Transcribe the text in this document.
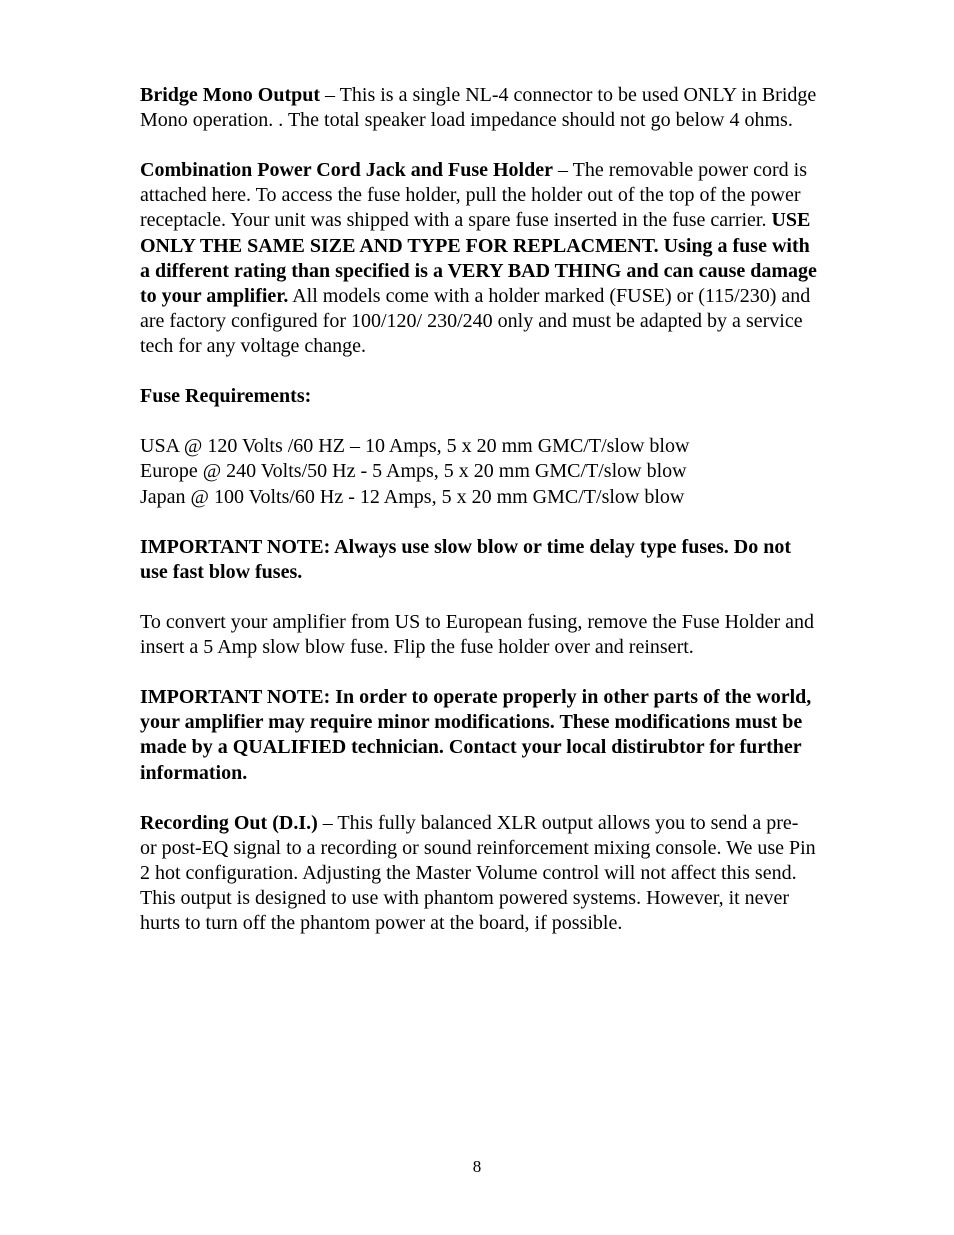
Bridge Mono Output – This is a single NL-4 connector to be used ONLY in Bridge Mono operation. . The total speaker load impedance should not go below 4 ohms.

Combination Power Cord Jack and Fuse Holder – The removable power cord is attached here. To access the fuse holder, pull the holder out of the top of the power receptacle. Your unit was shipped with a spare fuse inserted in the fuse carrier. USE ONLY THE SAME SIZE AND TYPE FOR REPLACMENT. Using a fuse with a different rating than specified is a VERY BAD THING and can cause damage to your amplifier. All models come with a holder marked (FUSE) or (115/230) and are factory configured for 100/120/ 230/240 only and must be adapted by a service tech for any voltage change.

Fuse Requirements:

USA @ 120 Volts /60 HZ – 10 Amps, 5 x 20 mm GMC/T/slow blow
Europe @ 240 Volts/50 Hz - 5 Amps, 5 x 20 mm GMC/T/slow blow
Japan @ 100 Volts/60 Hz - 12 Amps, 5 x 20 mm GMC/T/slow blow

IMPORTANT NOTE: Always use slow blow or time delay type fuses. Do not use fast blow fuses.

To convert your amplifier from US to European fusing, remove the Fuse Holder and insert a 5 Amp slow blow fuse. Flip the fuse holder over and reinsert.

IMPORTANT NOTE: In order to operate properly in other parts of the world, your amplifier may require minor modifications. These modifications must be made by a QUALIFIED technician. Contact your local distirubtor for further information.

Recording Out (D.I.) – This fully balanced XLR output allows you to send a pre- or post-EQ signal to a recording or sound reinforcement mixing console. We use Pin 2 hot configuration. Adjusting the Master Volume control will not affect this send. This output is designed to use with phantom powered systems. However, it never hurts to turn off the phantom power at the board, if possible.

8
